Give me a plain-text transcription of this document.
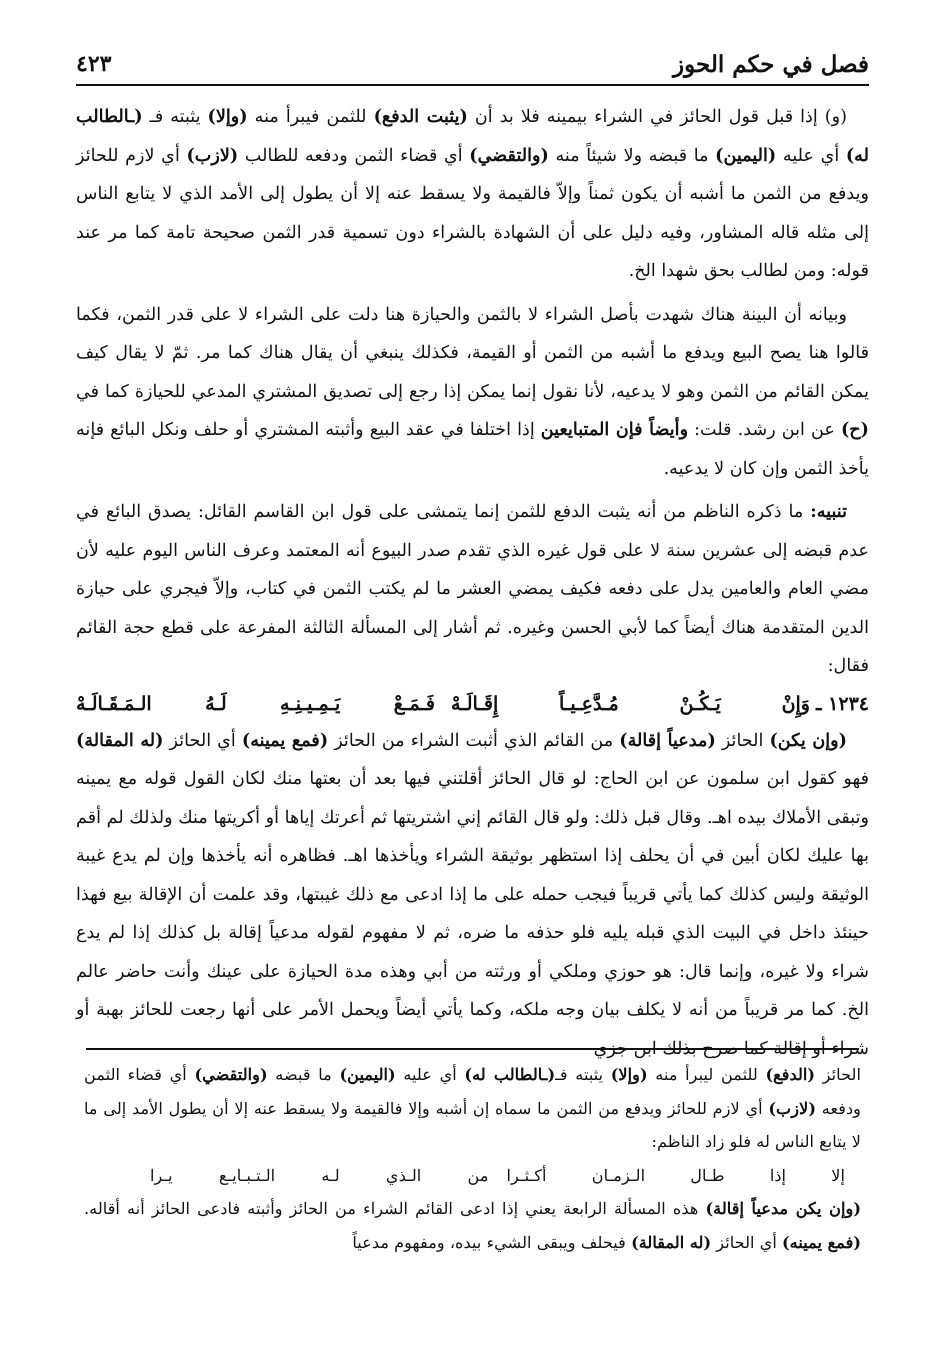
فصل في حكم الحوز
٤٢٣

(و) إذا قبل قول الحائز في الشراء بيمينه فلا بد أن (يثبت الدفع) للثمن فيبرأ منه (وإلا) يثبته فـ (ـالطالب له) أي عليه (اليمين) ما قبضه ولا شيئاً منه (والتقضي) أي قضاء الثمن ودفعه للطالب (لازب) أي لازم للحائز ويدفع من الثمن ما أشبه أن يكون ثمناً وإلاّ فالقيمة ولا يسقط عنه إلا أن يطول إلى الأمد الذي لا يتابع الناس إلى مثله قاله المشاور، وفيه دليل على أن الشهادة بالشراء دون تسمية قدر الثمن صحيحة تامة كما مر عند قوله: ومن لطالب بحق شهدا الخ.

وبيانه أن البينة هناك شهدت بأصل الشراء لا بالثمن والحيازة هنا دلت على الشراء لا على قدر الثمن، فكما قالوا هنا يصح البيع ويدفع ما أشبه من الثمن أو القيمة، فكذلك ينبغي أن يقال هناك كما مر. ثمّ لا يقال كيف يمكن القائم من الثمن وهو لا يدعيه، لأنا نقول إنما يمكن إذا رجع إلى تصديق المشتري المدعي للحيازة كما في (ح) عن ابن رشد. قلت: وأيضاً فإن المتبايعين إذا اختلفا في عقد البيع وأثبته المشتري أو حلف ونكل البائع فإنه يأخذ الثمن وإن كان لا يدعيه.

تنبيه: ما ذكره الناظم من أنه يثبت الدفع للثمن إنما يتمشى على قول ابن القاسم القائل: يصدق البائع في عدم قبضه إلى عشرين سنة لا على قول غيره الذي تقدم صدر البيوع أنه المعتمد وعرف الناس اليوم عليه لأن مضي العام والعامين يدل على دفعه فكيف يمضي العشر ما لم يكتب الثمن في كتاب، وإلاّ فيجري على حيازة الدين المتقدمة هناك أيضاً كما لأبي الحسن وغيره. ثم أشار إلى المسألة الثالثة المفرعة على قطع حجة القائم فقال:

١٢٣٤ ـ
وَإِنْ يَـكُـنْ مُـدَّعِـيـاً إِقَـالَـهْ
فَـمَـعْ يَـمِـيـنِـهِ لَـهُ الـمَـقَـالَـهْ

(وإن يكن) الحائز (مدعياً إقالة) من القائم الذي أثبت الشراء من الحائز (فمع يمينه) أي الحائز (له المقالة) فهو كقول ابن سلمون عن ابن الحاج: لو قال الحائز أقلتني فيها بعد أن بعتها منك لكان القول قوله مع يمينه وتبقى الأملاك بيده اهـ. وقال قبل ذلك: ولو قال القائم إني اشتريتها ثم أعرتك إياها أو أكريتها منك ولذلك لم أقم بها عليك لكان أبين في أن يحلف إذا استظهر بوثيقة الشراء ويأخذها اهـ. فظاهره أنه يأخذها وإن لم يدع غيبة الوثيقة وليس كذلك كما يأتي قريباً فيجب حمله على ما إذا ادعى مع ذلك غيبتها، وقد علمت أن الإقالة بيع فهذا حينئذ داخل في البيت الذي قبله يليه فلو حذفه ما ضره، ثم لا مفهوم لقوله مدعياً إقالة بل كذلك إذا لم يدع شراء ولا غيره، وإنما قال: هو حوزي وملكي أو ورثته من أبي وهذه مدة الحيازة على عينك وأنت حاضر عالم الخ. كما مر قريباً من أنه لا يكلف بيان وجه ملكه، وكما يأتي أيضاً ويحمل الأمر على أنها رجعت للحائز بهبة أو شراء أو إقالة كما صرح بذلك ابن جزي

الحائز (الدفع) للثمن ليبرأ منه (وإلا) يثبته فـ(ـالطالب له) أي عليه (اليمين) ما قبضه (والتقضي) أي قضاء الثمن ودفعه (لازب) أي لازم للحائز ويدفع من الثمن ما سماه إن أشبه وإلا فالقيمة ولا يسقط عنه إلا أن يطول الأمد إلى ما لا يتابع الناس له فلو زاد الناظم:

إلا إذا طـال الـزمـان أكـثـرا
من الـذي لـه الـتـبـايـع يـرا

(وإن يكن مدعياً إقالة) هذه المسألة الرابعة يعني إذا ادعى القائم الشراء من الحائز وأثبته فادعى الحائز أنه أقاله. (فمع يمينه) أي الحائز (له المقالة) فيحلف ويبقى الشيء بيده، ومفهوم مدعياً
